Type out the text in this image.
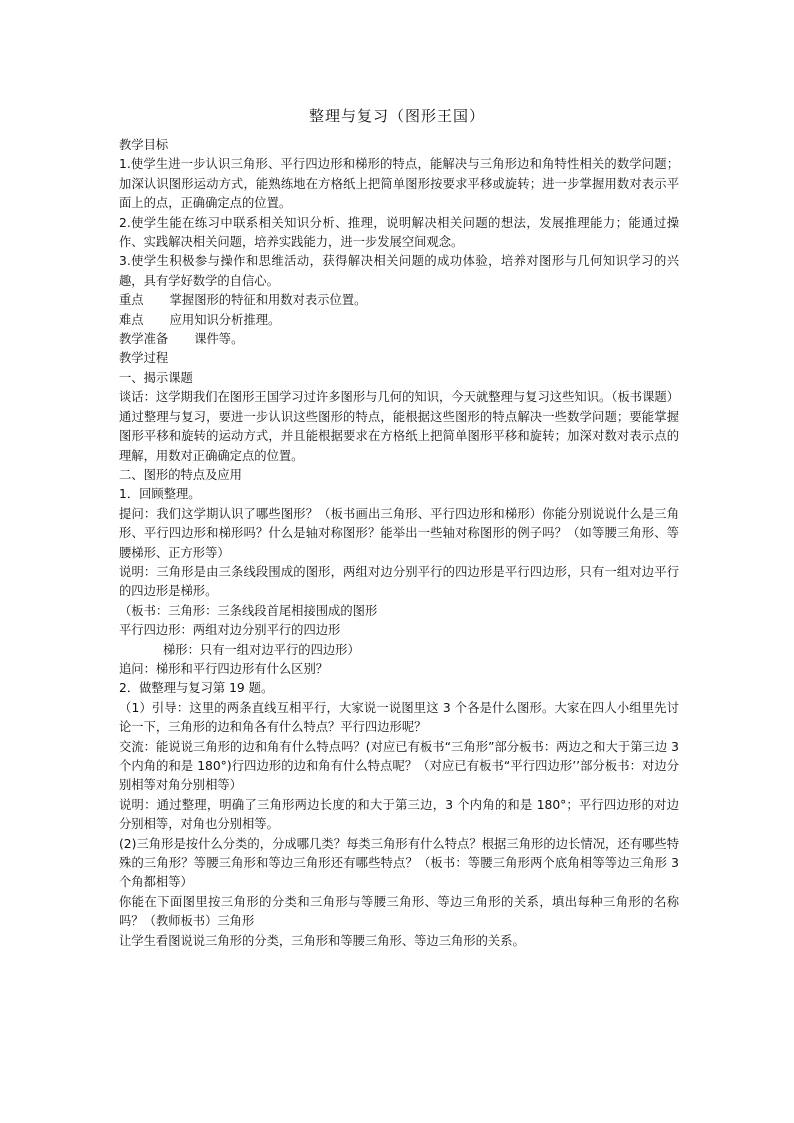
整理与复习（图形王国）

教学目标

1.使学生进一步认识三角形、平行四边形和梯形的特点，能解决与三角形边和角特性相关的数学问题；加深认识图形运动方式，能熟练地在方格纸上把简单图形按要求平移或旋转；进一步掌握用数对表示平面上的点，正确确定点的位置。

2.使学生能在练习中联系相关知识分析、推理，说明解决相关问题的想法，发展推理能力；能通过操作、实践解决相关问题，培养实践能力，进一步发展空间观念。

3.使学生积极参与操作和思维活动，获得解决相关问题的成功体验，培养对图形与几何知识学习的兴趣，具有学好数学的自信心。

重点 掌握图形的特征和用数对表示位置。

难点 应用知识分析推理。

教学准备 课件等。

教学过程

一、揭示课题

谈话：这学期我们在图形王国学习过许多图形与几何的知识，今天就整理与复习这些知识。（板书课题）通过整理与复习，要进一步认识这些图形的特点，能根据这些图形的特点解决一些数学问题；要能掌握图形平移和旋转的运动方式，并且能根据要求在方格纸上把简单图形平移和旋转；加深对数对表示点的理解，用数对正确确定点的位置。

二、图形的特点及应用

1．回顾整理。

提问：我们这学期认识了哪些图形？（板书画出三角形、平行四边形和梯形）你能分别说说什么是三角形、平行四边形和梯形吗？什么是轴对称图形？能举出一些轴对称图形的例子吗？（如等腰三角形、等腰梯形、正方形等）

说明：三角形是由三条线段围成的图形，两组对边分别平行的四边形是平行四边形，只有一组对边平行的四边形是梯形。

（板书：三角形：三条线段首尾相接围成的图形

平行四边形：两组对边分别平行的四边形

梯形：只有一组对边平行的四边形）

追问：梯形和平行四边形有什么区别？

2．做整理与复习第 19 题。

（1）引导：这里的两条直线互相平行，大家说一说图里这 3 个各是什么图形。大家在四人小组里先讨论一下，三角形的边和角各有什么特点？平行四边形呢？

交流：能说说三角形的边和角有什么特点吗？(对应已有板书“三角形”部分板书：两边之和大于第三边 3 个内角的和是 180°)行四边形的边和角有什么特点呢？（对应已有板书“平行四边形’’部分板书：对边分别相等对角分别相等）

说明：通过整理，明确了三角形两边长度的和大于第三边，3 个内角的和是 180°；平行四边形的对边分别相等，对角也分别相等。

(2)三角形是按什么分类的，分成哪几类？每类三角形有什么特点？根据三角形的边长情况，还有哪些特殊的三角形？等腰三角形和等边三角形还有哪些特点？（板书：等腰三角形两个底角相等等边三角形 3 个角都相等）

你能在下面图里按三角形的分类和三角形与等腰三角形、等边三角形的关系，填出每种三角形的名称吗？（教师板书）三角形

让学生看图说说三角形的分类，三角形和等腰三角形、等边三角形的关系。
